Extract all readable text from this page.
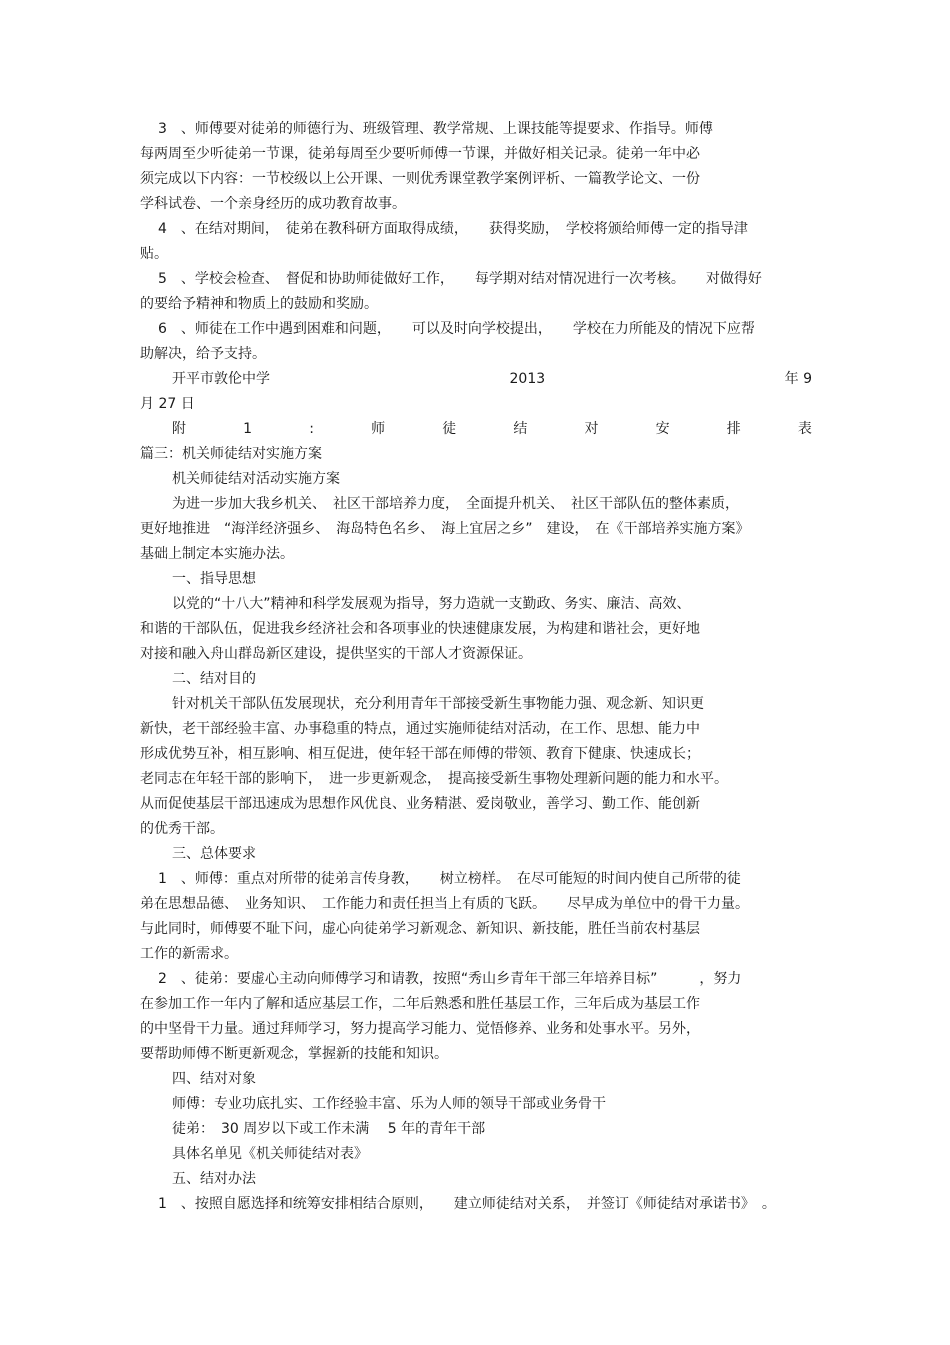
3　、师傅要对徒弟的师德行为、班级管理、教学常规、上课技能等提要求、作指导。师傅
每两周至少听徒弟一节课，徒弟每周至少要听师傅一节课，并做好相关记录。徒弟一年中必
须完成以下内容：一节校级以上公开课、一则优秀课堂教学案例评析、一篇教学论文、一份
学科试卷、一个亲身经历的成功教育故事。
4　、在结对期间，　徒弟在教科研方面取得成绩，　　获得奖励，　学校将颁给师傅一定的指导津
贴。
5　、学校会检查、　督促和协助师徒做好工作，　　每学期对结对情况进行一次考核。　　对做得好
的要给予精神和物质上的鼓励和奖励。
6　、师徒在工作中遇到困难和问题，　　可以及时向学校提出，　　学校在力所能及的情况下应帮
助解决，给予支持。
开平市敦伦中学	2013	年 9
月 27 日
附	1	:	师	徒	结	对	安	排	表
篇三：机关师徒结对实施方案
机关师徒结对活动实施方案
为进一步加大我乡机关、　社区干部培养力度，　全面提升机关、　社区干部队伍的整体素质，
更好地推进　“海洋经济强乡、　海岛特色名乡、　海上宜居之乡”　建设，　在《干部培养实施方案》
基础上制定本实施办法。
一、指导思想
以党的“十八大”精神和科学发展观为指导，努力造就一支勤政、务实、廉洁、高效、
和谐的干部队伍，促进我乡经济社会和各项事业的快速健康发展，为构建和谐社会，更好地
对接和融入舟山群岛新区建设，提供坚实的干部人才资源保证。
二、结对目的
针对机关干部队伍发展现状，充分利用青年干部接受新生事物能力强、观念新、知识更
新快，老干部经验丰富、办事稳重的特点，通过实施师徒结对活动，在工作、思想、能力中
形成优势互补，相互影响、相互促进，使年轻干部在师傅的带领、教育下健康、快速成长；
老同志在年轻干部的影响下，　进一步更新观念，　提高接受新生事物处理新问题的能力和水平。
从而促使基层干部迅速成为思想作风优良、业务精湛、爱岗敬业，善学习、勤工作、能创新
的优秀干部。
三、总体要求
1　、师傅：重点对所带的徒弟言传身教，　　树立榜样。　在尽可能短的时间内使自己所带的徒
弟在思想品德、　业务知识、　工作能力和责任担当上有质的飞跃。　　尽早成为单位中的骨干力量。
与此同时，师傅要不耻下问，虚心向徒弟学习新观念、新知识、新技能，胜任当前农村基层
工作的新需求。
2　、徒弟：要虚心主动向师傅学习和请教，按照“秀山乡青年干部三年培养目标”　　　，努力
在参加工作一年内了解和适应基层工作，二年后熟悉和胜任基层工作，三年后成为基层工作
的中坚骨干力量。通过拜师学习，努力提高学习能力、觉悟修养、业务和处事水平。另外，
要帮助师傅不断更新观念，掌握新的技能和知识。
四、结对对象
师傅：专业功底扎实、工作经验丰富、乐为人师的领导干部或业务骨干
徒弟：　30 周岁以下或工作未满　 5 年的青年干部
具体名单见《机关师徒结对表》
五、结对办法
1　、按照自愿选择和统筹安排相结合原则，　　建立师徒结对关系，　并签订《师徒结对承诺书》　。
